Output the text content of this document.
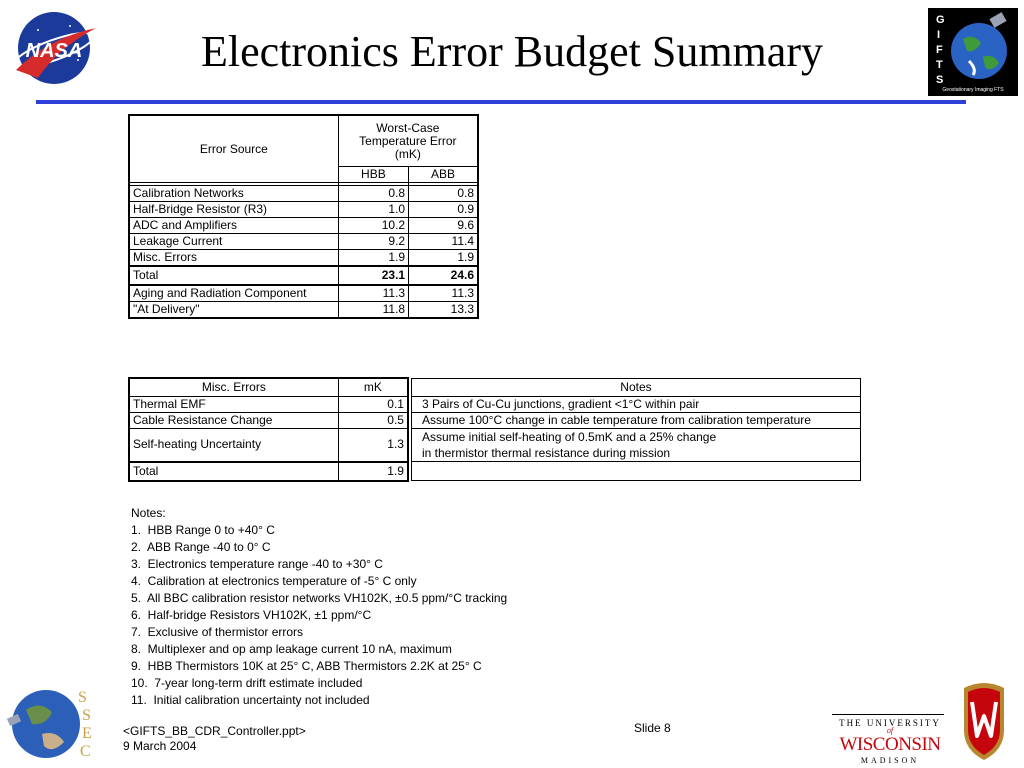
NASA	Electronics Error Budget Summary
G
I
F
T
S
Geostationary Imaging FTS
Error Source	Worst-Case Temperature Error (mK)	
	HBB	ABB

Calibration Networks	0.8	0.8
Half-Bridge Resistor (R3)	1.0	0.9
ADC and Amplifiers	10.2	9.6
Leakage Current	9.2	11.4
Misc. Errors	1.9	1.9
Total	23.1	24.6
Aging and Radiation Component	11.3	11.3
"At Delivery"	11.8	13.3
Misc. Errors	mK		Notes
Thermal EMF	0.1		3 Pairs of Cu-Cu junctions, gradient <1°C within pair
Cable Resistance Change	0.5		Assume 100°C change in cable temperature from calibration temperature
Self-heating Uncertainty	1.3		Assume initial self-heating of 0.5mK and a 25% change
in thermistor thermal resistance during mission

Total	1.9		
Notes:
1.  HBB Range 0 to +40° C
2.  ABB Range -40 to 0° C
3.  Electronics temperature range -40 to +30° C
4.  Calibration at electronics temperature of -5° C only
5.  All BBC calibration resistor networks VH102K, ±0.5 ppm/°C tracking
6.  Half-bridge Resistors VH102K, ±1 ppm/°C
7.  Exclusive of thermistor errors
8.  Multiplexer and op amp leakage current 10 nA, maximum
9.  HBB Thermistors 10K at 25° C, ABB Thermistors 2.2K at 25° C
10.  7-year long-term drift estimate included
11.  Initial calibration uncertainty not included
S
S
E
C
<GIFTS_BB_CDR_Controller.ppt>
9 March 2004
Slide 8	THE UNIVERSITY
of
WISCONSIN
MADISON
